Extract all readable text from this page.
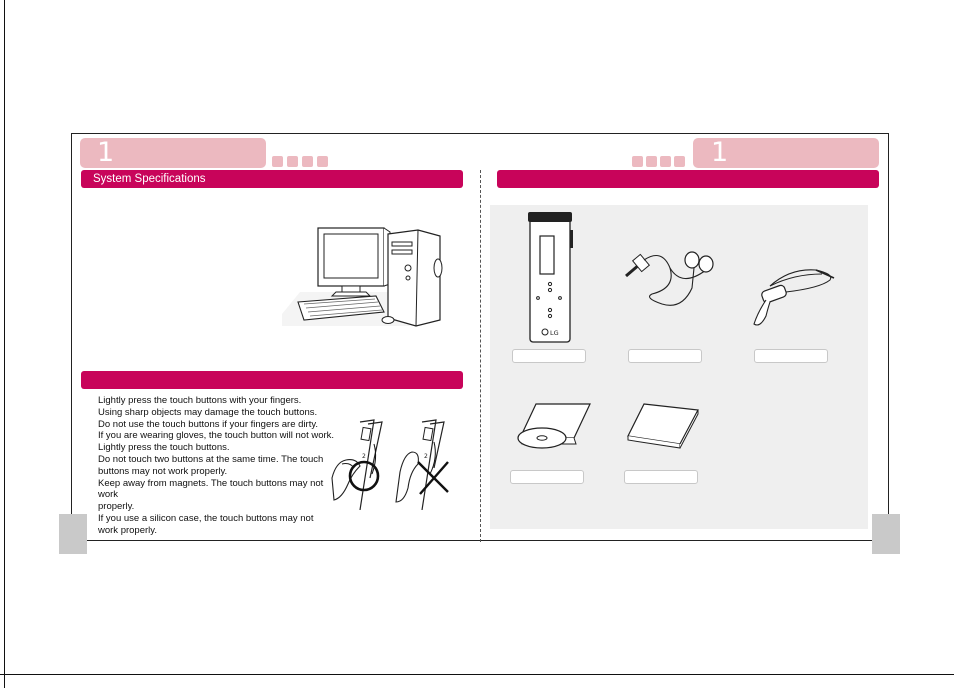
1
System Specifications
Lightly press the touch buttons with your fingers.
Using sharp objects may damage the touch buttons.
Do not use the touch buttons if your fingers are dirty.
If you are wearing gloves, the touch button will not work.
Lightly press the touch buttons.
Do not touch two buttons at the same time. The touch
buttons may not work properly.
Keep away from magnets. The touch buttons may not work
properly.
If you use a silicon case, the touch buttons may not
work properly.
2	2
1
LG
